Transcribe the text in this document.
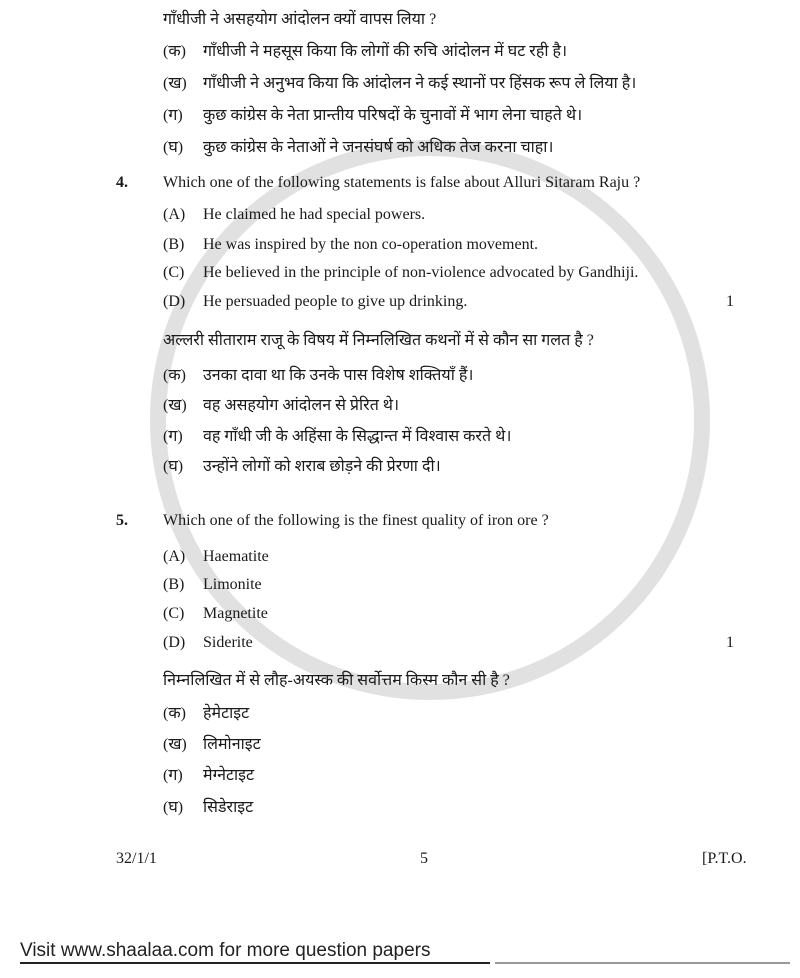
गाँधीजी ने असहयोग आंदोलन क्यों वापस लिया ?
(क) गाँधीजी ने महसूस किया कि लोगों की रुचि आंदोलन में घट रही है।
(ख) गाँधीजी ने अनुभव किया कि आंदोलन ने कई स्थानों पर हिंसक रूप ले लिया है।
(ग) कुछ कांग्रेस के नेता प्रान्तीय परिषदों के चुनावों में भाग लेना चाहते थे।
(घ) कुछ कांग्रेस के नेताओं ने जनसंघर्ष को अधिक तेज करना चाहा।
4. Which one of the following statements is false about Alluri Sitaram Raju ?
(A) He claimed he had special powers.
(B) He was inspired by the non co-operation movement.
(C) He believed in the principle of non-violence advocated by Gandhiji.
(D) He persuaded people to give up drinking.	1
अल्लरी सीताराम राजू के विषय में निम्नलिखित कथनों में से कौन सा गलत है ?
(क) उनका दावा था कि उनके पास विशेष शक्तियाँ हैं।
(ख) वह असहयोग आंदोलन से प्रेरित थे।
(ग) वह गाँधी जी के अहिंसा के सिद्धान्त में विश्वास करते थे।
(घ) उन्होंने लोगों को शराब छोड़ने की प्रेरणा दी।
5. Which one of the following is the finest quality of iron ore ?
(A) Haematite
(B) Limonite
(C) Magnetite
(D) Siderite	1
निम्नलिखित में से लौह-अयस्क की सर्वोत्तम किस्म कौन सी है ?
(क) हेमेटाइट
(ख) लिमोनाइट
(ग) मेग्नेटाइट
(घ) सिडेराइट
32/1/1	5	[P.T.O.
Visit www.shaalaa.com for more question papers
